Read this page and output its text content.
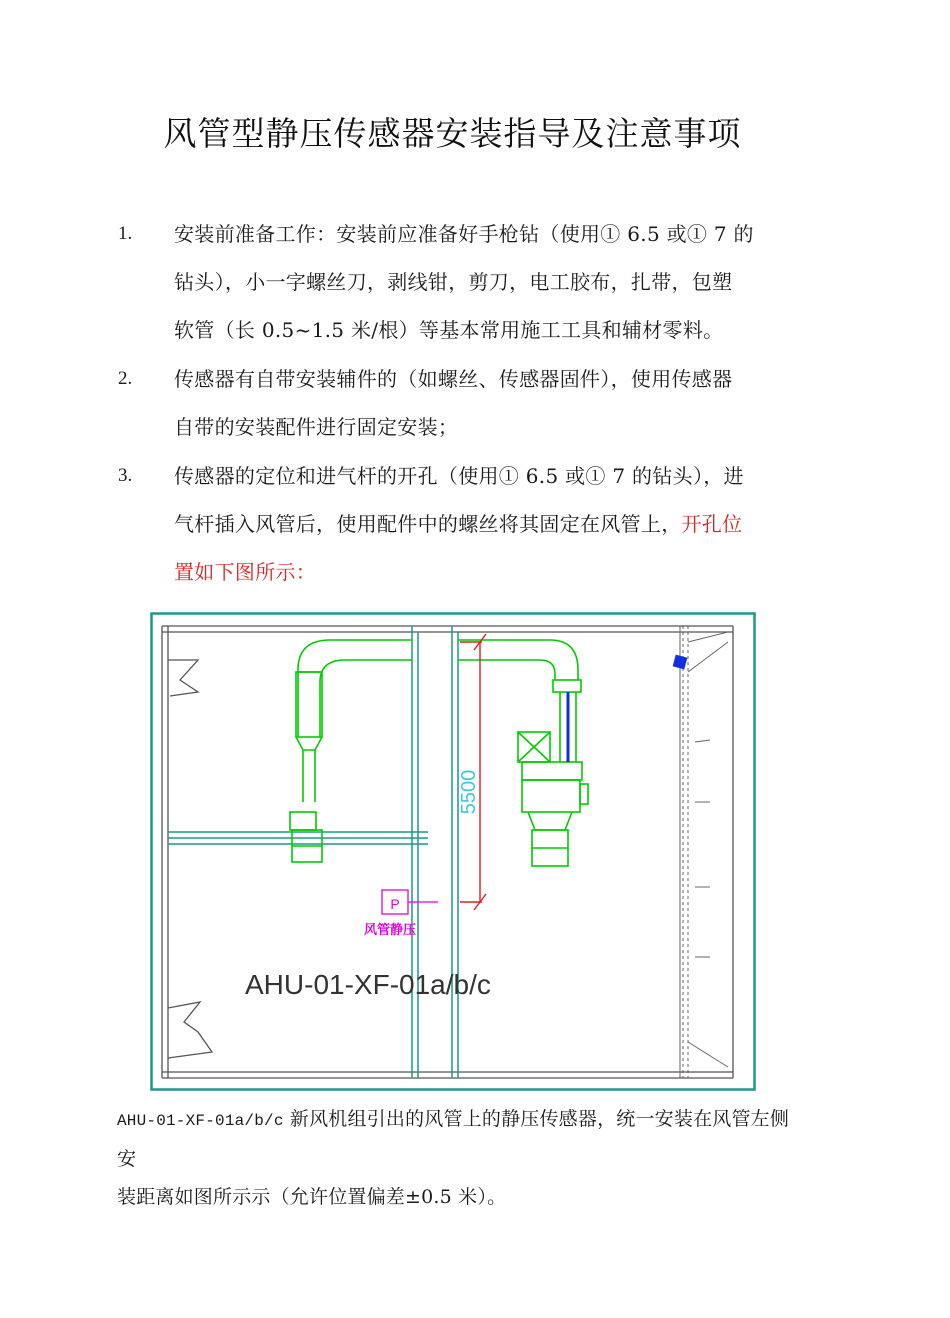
风管型静压传感器安装指导及注意事项
1.	安装前准备工作：安装前应准备好手枪钻（使用① 6.5 或① 7 的
钻头），小一字螺丝刀，剥线钳，剪刀，电工胶布，扎带，包塑
软管（长 0.5~1.5 米/根）等基本常用施工工具和辅材零料。
2.	传感器有自带安装辅件的（如螺丝、传感器固件），使用传感器
自带的安装配件进行固定安装；
3.	传感器的定位和进气杆的开孔（使用① 6.5 或① 7 的钻头），进
气杆插入风管后，使用配件中的螺丝将其固定在风管上，开孔位
置如下图所示：
5500
P
风管静压
AHU-01-XF-01a/b/c
AHU-01-XF-01a/b/c 新风机组引出的风管上的静压传感器，统一安装在风管左侧安
装距离如图所示示（允许位置偏差±0.5 米）。
